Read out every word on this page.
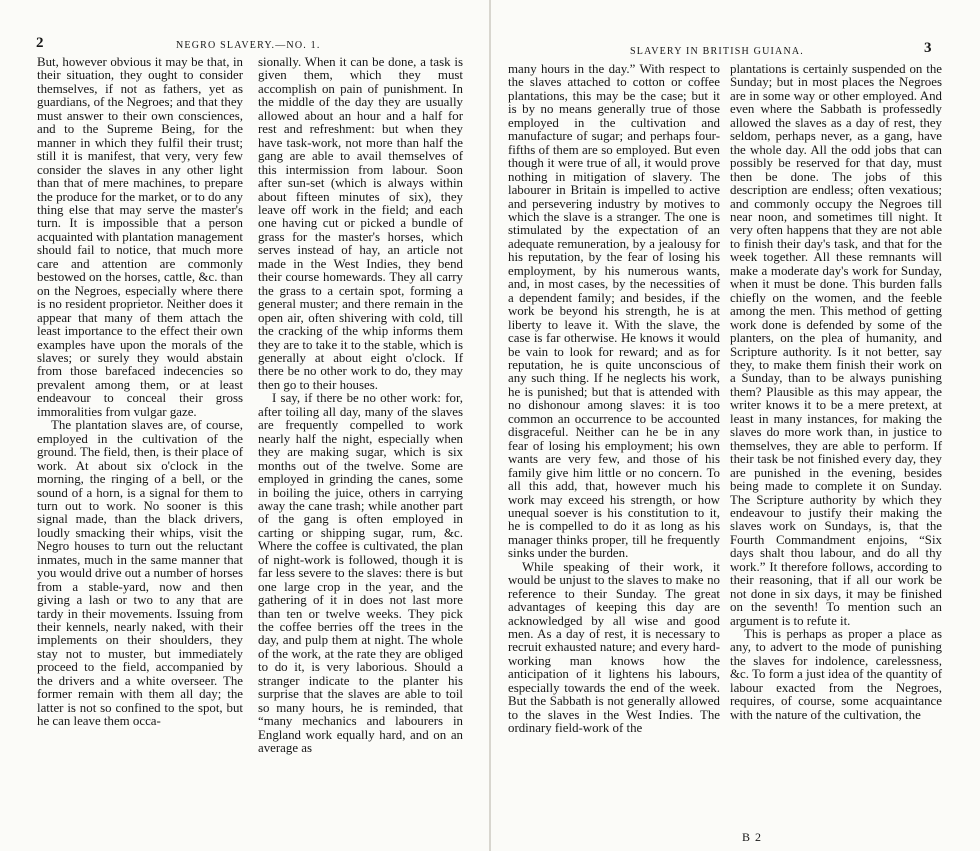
2	NEGRO SLAVERY.—NO. 1.

But, however obvious it may be that, in their situation, they ought to consider themselves, if not as fathers, yet as guardians, of the Negroes; and that they must answer to their own consciences, and to the Supreme Being, for the manner in which they fulfil their trust; still it is manifest, that very, very few consider the slaves in any other light than that of mere machines, to prepare the produce for the market, or to do any thing else that may serve the master's turn. It is impossible that a person acquainted with plantation management should fail to notice, that much more care and attention are commonly bestowed on the horses, cattle, &c. than on the Negroes, especially where there is no resident proprietor. Neither does it appear that many of them attach the least importance to the effect their own examples have upon the morals of the slaves; or surely they would abstain from those barefaced indecencies so prevalent among them, or at least endeavour to conceal their gross immoralities from vulgar gaze.

The plantation slaves are, of course, employed in the cultivation of the ground. The field, then, is their place of work. At about six o'clock in the morning, the ringing of a bell, or the sound of a horn, is a signal for them to turn out to work. No sooner is this signal made, than the black drivers, loudly smacking their whips, visit the Negro houses to turn out the reluctant inmates, much in the same manner that you would drive out a number of horses from a stable-yard, now and then giving a lash or two to any that are tardy in their movements. Issuing from their kennels, nearly naked, with their implements on their shoulders, they stay not to muster, but immediately proceed to the field, accompanied by the drivers and a white overseer. The former remain with them all day; the latter is not so confined to the spot, but he can leave them occa-

sionally. When it can be done, a task is given them, which they must accomplish on pain of punishment. In the middle of the day they are usually allowed about an hour and a half for rest and refreshment: but when they have task-work, not more than half the gang are able to avail themselves of this intermission from labour. Soon after sun-set (which is always within about fifteen minutes of six), they leave off work in the field; and each one having cut or picked a bundle of grass for the master's horses, which serves instead of hay, an article not made in the West Indies, they bend their course homewards. They all carry the grass to a certain spot, forming a general muster; and there remain in the open air, often shivering with cold, till the cracking of the whip informs them they are to take it to the stable, which is generally at about eight o'clock. If there be no other work to do, they may then go to their houses.

I say, if there be no other work: for, after toiling all day, many of the slaves are frequently compelled to work nearly half the night, especially when they are making sugar, which is six months out of the twelve. Some are employed in grinding the canes, some in boiling the juice, others in carrying away the cane trash; while another part of the gang is often employed in carting or shipping sugar, rum, &c. Where the coffee is cultivated, the plan of night-work is followed, though it is far less severe to the slaves: there is but one large crop in the year, and the gathering of it in does not last more than ten or twelve weeks. They pick the coffee berries off the trees in the day, and pulp them at night. The whole of the work, at the rate they are obliged to do it, is very laborious. Should a stranger indicate to the planter his surprise that the slaves are able to toil so many hours, he is reminded, that “many mechanics and labourers in England work equally hard, and on an average as

SLAVERY IN BRITISH GUIANA.	3

many hours in the day.” With respect to the slaves attached to cotton or coffee plantations, this may be the case; but it is by no means generally true of those employed in the cultivation and manufacture of sugar; and perhaps four-fifths of them are so employed. But even though it were true of all, it would prove nothing in mitigation of slavery. The labourer in Britain is impelled to active and persevering industry by motives to which the slave is a stranger. The one is stimulated by the expectation of an adequate remuneration, by a jealousy for his reputation, by the fear of losing his employment, by his numerous wants, and, in most cases, by the necessities of a dependent family; and besides, if the work be beyond his strength, he is at liberty to leave it. With the slave, the case is far otherwise. He knows it would be vain to look for reward; and as for reputation, he is quite unconscious of any such thing. If he neglects his work, he is punished; but that is attended with no dishonour among slaves: it is too common an occurrence to be accounted disgraceful. Neither can he be in any fear of losing his employment; his own wants are very few, and those of his family give him little or no concern. To all this add, that, however much his work may exceed his strength, or how unequal soever is his constitution to it, he is compelled to do it as long as his manager thinks proper, till he frequently sinks under the burden.

While speaking of their work, it would be unjust to the slaves to make no reference to their Sunday. The great advantages of keeping this day are acknowledged by all wise and good men. As a day of rest, it is necessary to recruit exhausted nature; and every hard-working man knows how the anticipation of it lightens his labours, especially towards the end of the week. But the Sabbath is not generally allowed to the slaves in the West Indies. The ordinary field-work of the

plantations is certainly suspended on the Sunday; but in most places the Negroes are in some way or other employed. And even where the Sabbath is professedly allowed the slaves as a day of rest, they seldom, perhaps never, as a gang, have the whole day. All the odd jobs that can possibly be reserved for that day, must then be done. The jobs of this description are endless; often vexatious; and commonly occupy the Negroes till near noon, and sometimes till night. It very often happens that they are not able to finish their day's task, and that for the week together. All these remnants will make a moderate day's work for Sunday, when it must be done. This burden falls chiefly on the women, and the feeble among the men. This method of getting work done is defended by some of the planters, on the plea of humanity, and Scripture authority. Is it not better, say they, to make them finish their work on a Sunday, than to be always punishing them? Plausible as this may appear, the writer knows it to be a mere pretext, at least in many instances, for making the slaves do more work than, in justice to themselves, they are able to perform. If their task be not finished every day, they are punished in the evening, besides being made to complete it on Sunday. The Scripture authority by which they endeavour to justify their making the slaves work on Sundays, is, that the Fourth Commandment enjoins, “Six days shalt thou labour, and do all thy work.” It therefore follows, according to their reasoning, that if all our work be not done in six days, it may be finished on the seventh! To mention such an argument is to refute it.

This is perhaps as proper a place as any, to advert to the mode of punishing the slaves for indolence, carelessness, &c. To form a just idea of the quantity of labour exacted from the Negroes, requires, of course, some acquaintance with the nature of the cultivation, the

B 2
